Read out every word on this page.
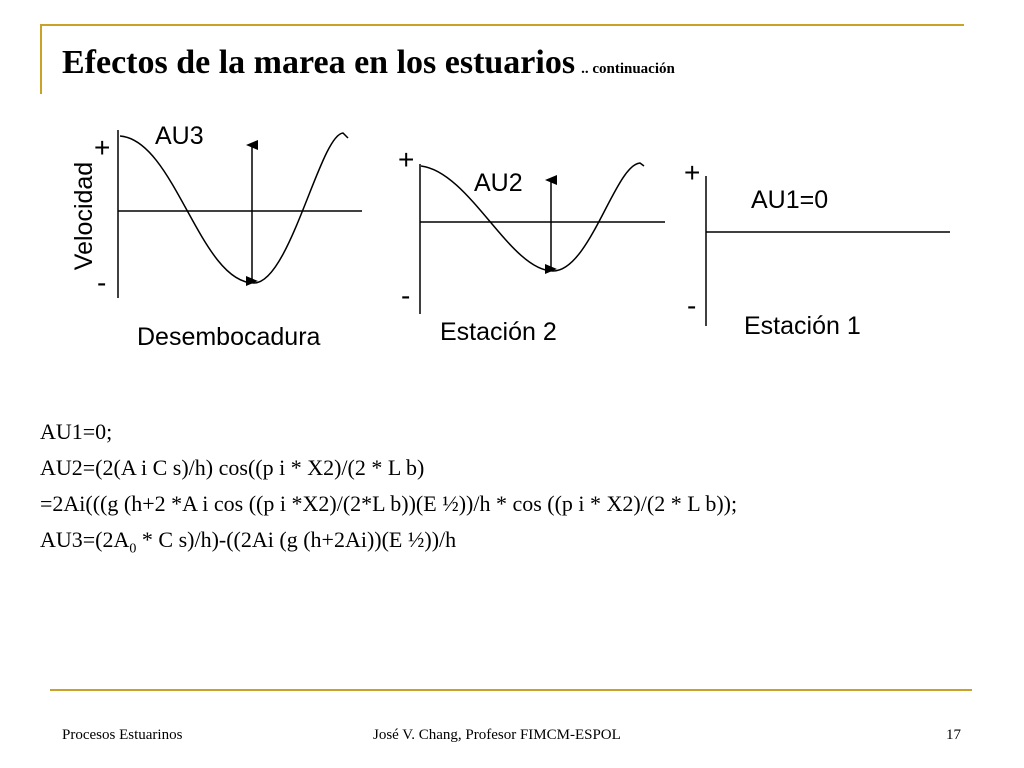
Efectos de la marea en los estuarios .. continuación
Velocidad
+
-
AU3
Desembocadura
+
-
AU2
Estación 2
+
-
AU1=0
Estación 1
AU1=0;
AU2=(2(A i C s)/h) cos((p i * X2)/(2 * L b)
=2Ai(((g (h+2 *A i cos ((p i *X2)/(2*L b))(E ½))/h * cos ((p i * X2)/(2 * L b));
$AU3=(2A_0 * C$ s)/h)-((2Ai (g (h+2Ai))(E ½))/h
Procesos Estuarinos	José V. Chang, Profesor FIMCM-ESPOL	17
